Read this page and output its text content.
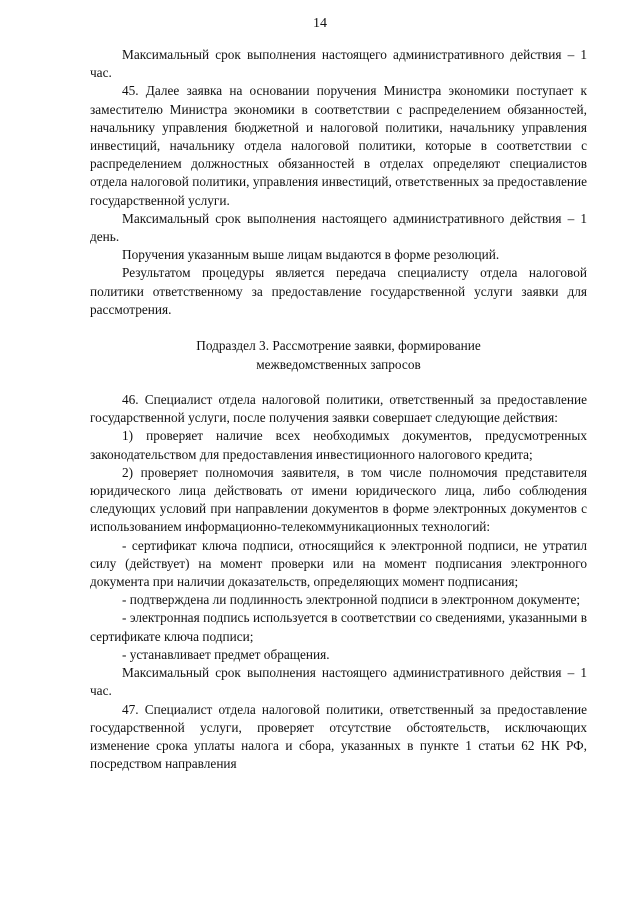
14

Максимальный срок выполнения настоящего административного действия – 1 час.

45. Далее заявка на основании поручения Министра экономики поступает к заместителю Министра экономики в соответствии с распределением обязанностей, начальнику управления бюджетной и налоговой политики, начальнику управления инвестиций, начальнику отдела налоговой политики, которые в соответствии с распределением должностных обязанностей в отделах определяют специалистов отдела налоговой политики, управления инвестиций, ответственных за предоставление государственной услуги.

Максимальный срок выполнения настоящего административного действия – 1 день.

Поручения указанным выше лицам выдаются в форме резолюций.

Результатом процедуры является передача специалисту отдела налоговой политики ответственному за предоставление государственной услуги заявки для рассмотрения.

Подраздел 3. Рассмотрение заявки, формирование
межведомственных запросов

46. Специалист отдела налоговой политики, ответственный за предоставление государственной услуги, после получения заявки совершает следующие действия:

1) проверяет наличие всех необходимых документов, предусмотренных законодательством для предоставления инвестиционного налогового кредита;

2) проверяет полномочия заявителя, в том числе полномочия представителя юридического лица действовать от имени юридического лица, либо соблюдения следующих условий при направлении документов в форме электронных документов с использованием информационно-телекоммуникационных технологий:

- сертификат ключа подписи, относящийся к электронной подписи, не утратил силу (действует) на момент проверки или на момент подписания электронного документа при наличии доказательств, определяющих момент подписания;

- подтверждена ли подлинность электронной подписи в электронном документе;

- электронная подпись используется в соответствии со сведениями, указанными в сертификате ключа подписи;

- устанавливает предмет обращения.

Максимальный срок выполнения настоящего административного действия – 1 час.

47. Специалист отдела налоговой политики, ответственный за предоставление государственной услуги, проверяет отсутствие обстоятельств, исключающих изменение срока уплаты налога и сбора, указанных в пункте 1 статьи 62 НК РФ, посредством направления
